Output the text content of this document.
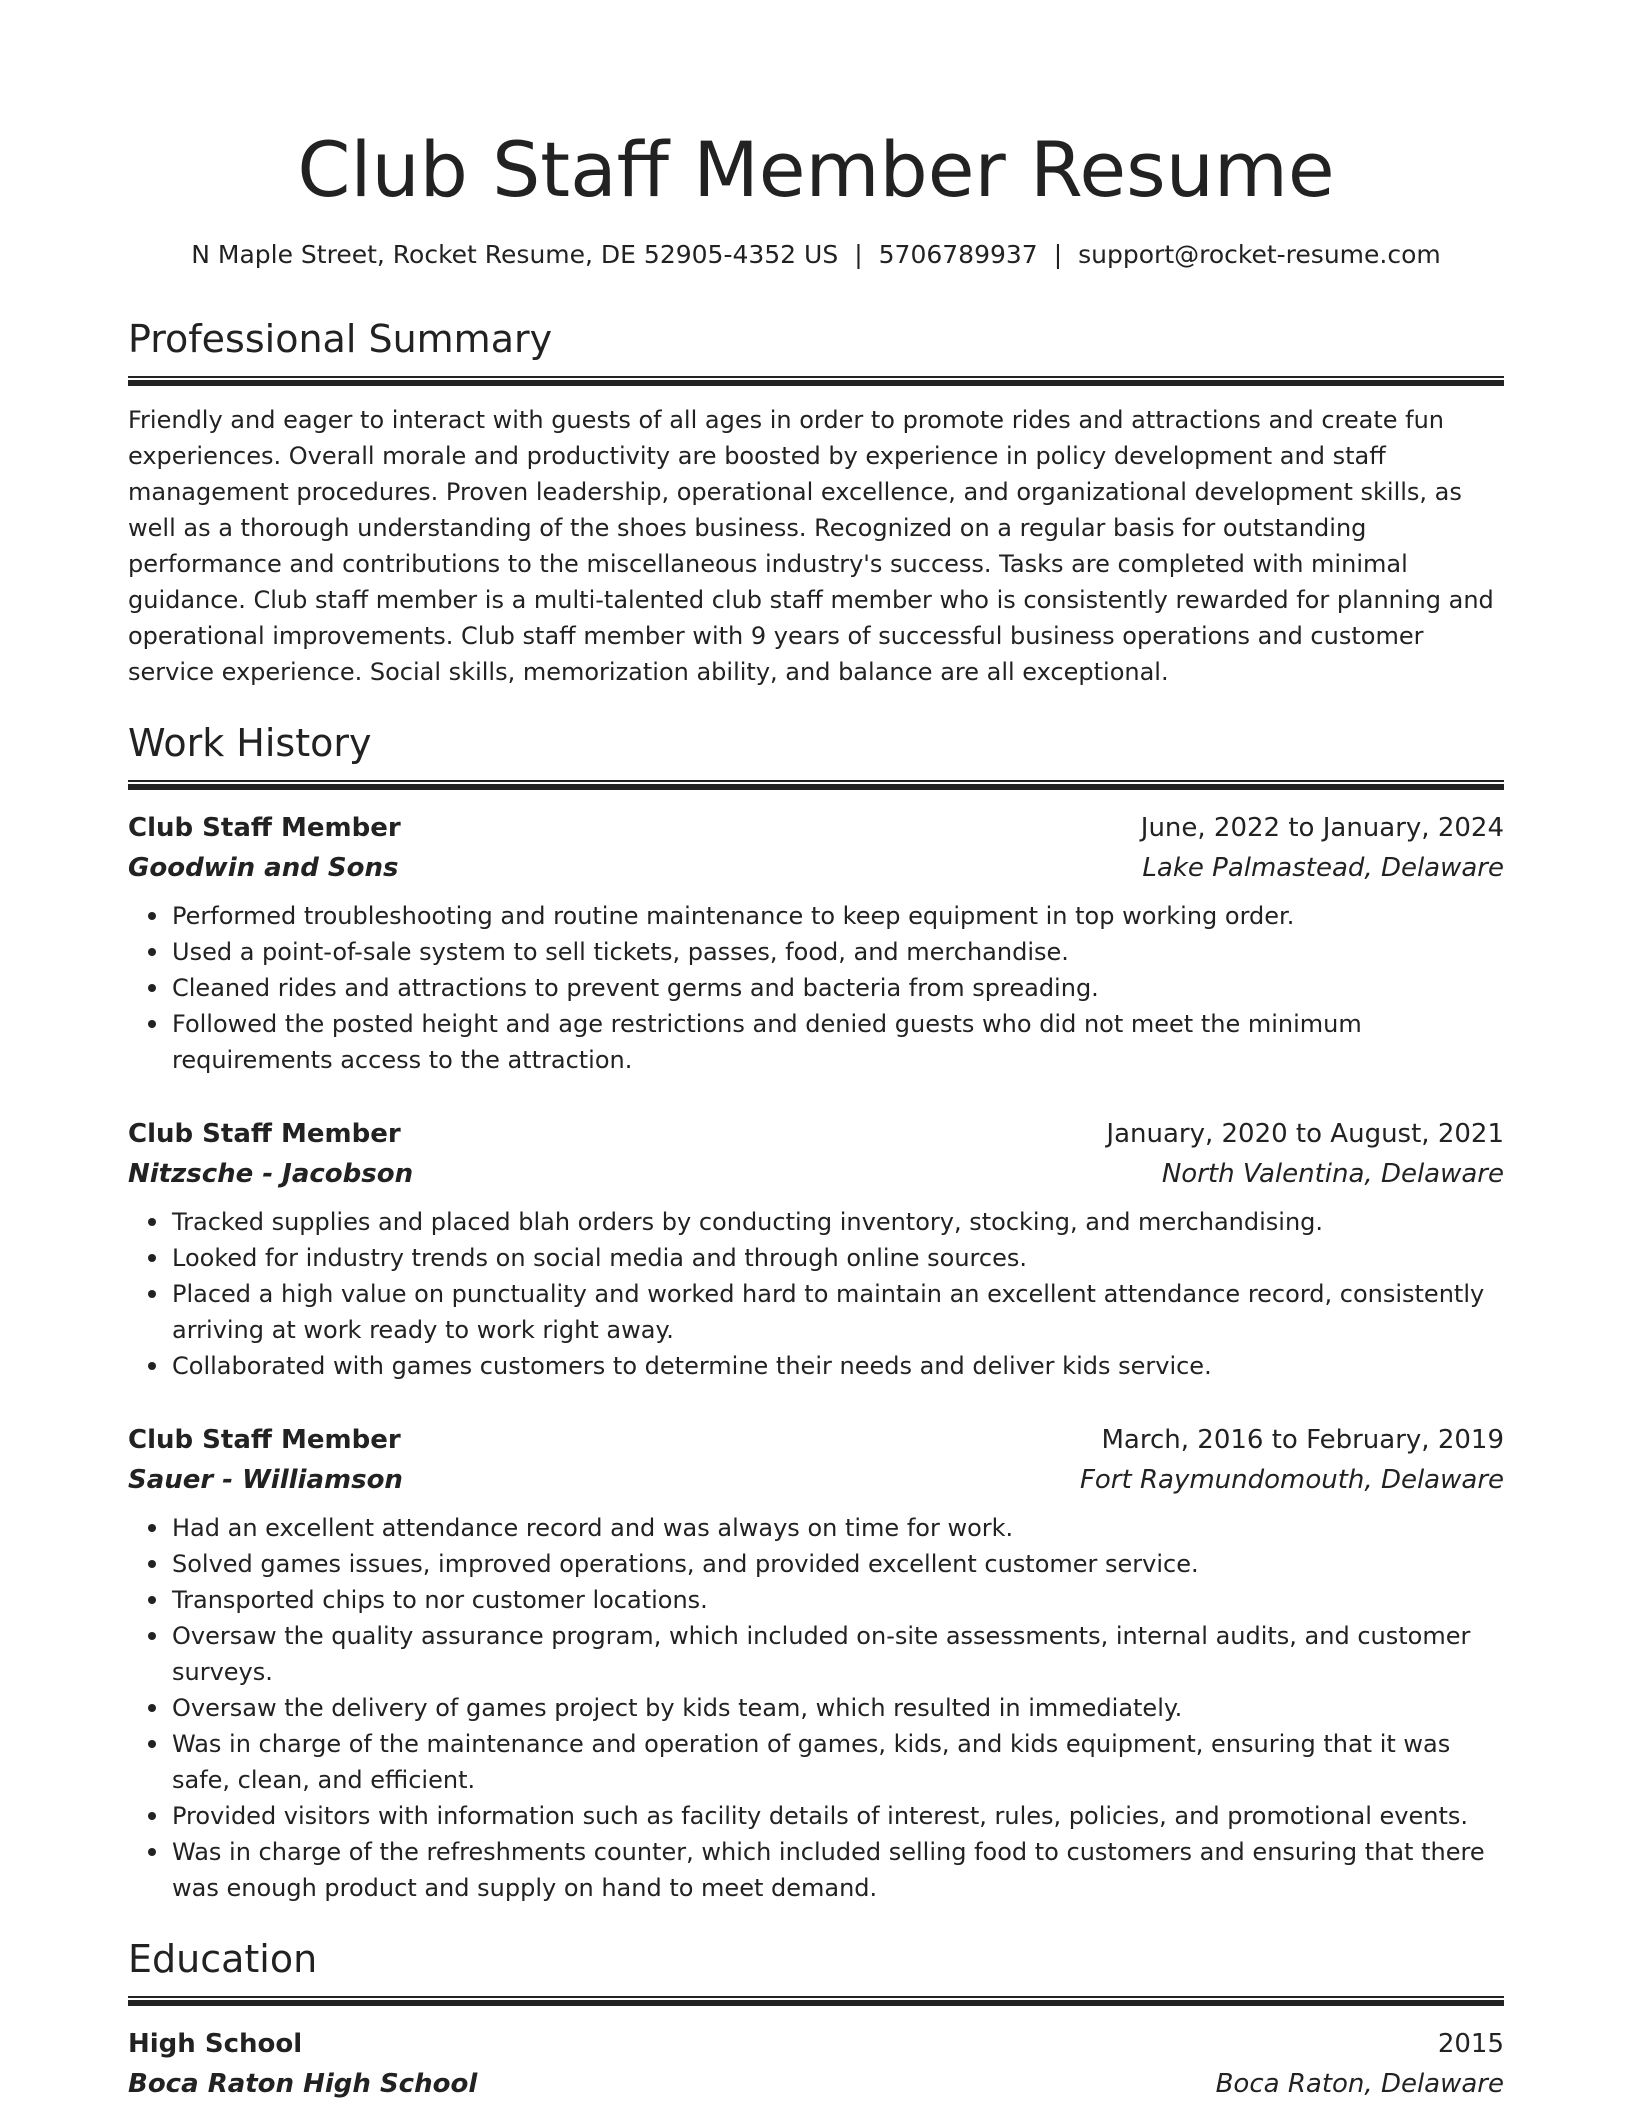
Club Staff Member Resume
N Maple Street, Rocket Resume, DE 52905-4352 US | 5706789937 | support@rocket-resume.com
Professional Summary

Friendly and eager to interact with guests of all ages in order to promote rides and attractions and create fun experiences. Overall morale and productivity are boosted by experience in policy development and staff management procedures. Proven leadership, operational excellence, and organizational development skills, as well as a thorough understanding of the shoes business. Recognized on a regular basis for outstanding performance and contributions to the miscellaneous industry's success. Tasks are completed with minimal guidance. Club staff member is a multi-talented club staff member who is consistently rewarded for planning and operational improvements. Club staff member with 9 years of successful business operations and customer service experience. Social skills, memorization ability, and balance are all exceptional.

Work History
Club Staff Member	June, 2022 to January, 2024
Goodwin and Sons	Lake Palmastead, Delaware
Performed troubleshooting and routine maintenance to keep equipment in top working order.
Used a point-of-sale system to sell tickets, passes, food, and merchandise.
Cleaned rides and attractions to prevent germs and bacteria from spreading.
Followed the posted height and age restrictions and denied guests who did not meet the minimum requirements access to the attraction.
Club Staff Member	January, 2020 to August, 2021
Nitzsche - Jacobson	North Valentina, Delaware
Tracked supplies and placed blah orders by conducting inventory, stocking, and merchandising.
Looked for industry trends on social media and through online sources.
Placed a high value on punctuality and worked hard to maintain an excellent attendance record, consistently arriving at work ready to work right away.
Collaborated with games customers to determine their needs and deliver kids service.
Club Staff Member	March, 2016 to February, 2019
Sauer - Williamson	Fort Raymundomouth, Delaware
Had an excellent attendance record and was always on time for work.
Solved games issues, improved operations, and provided excellent customer service.
Transported chips to nor customer locations.
Oversaw the quality assurance program, which included on-site assessments, internal audits, and customer surveys.
Oversaw the delivery of games project by kids team, which resulted in immediately.
Was in charge of the maintenance and operation of games, kids, and kids equipment, ensuring that it was safe, clean, and efficient.
Provided visitors with information such as facility details of interest, rules, policies, and promotional events.
Was in charge of the refreshments counter, which included selling food to customers and ensuring that there was enough product and supply on hand to meet demand.
Education
High School	2015
Boca Raton High School	Boca Raton, Delaware
